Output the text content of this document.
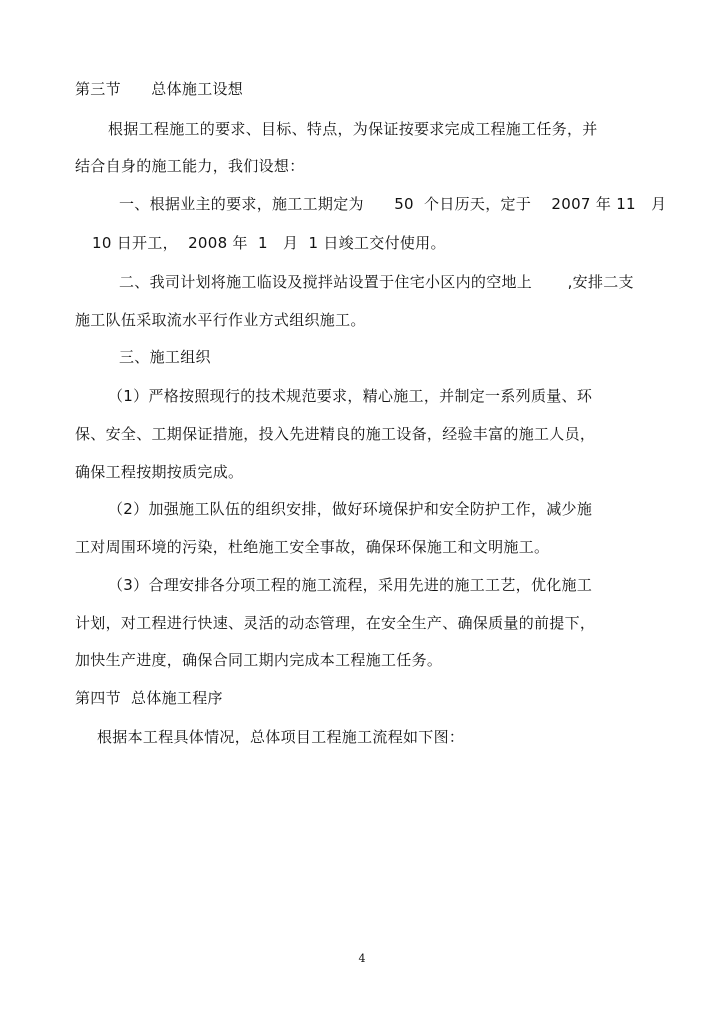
第三节      总体施工设想
根据工程施工的要求、目标、特点，为保证按要求完成工程施工任务，并
结合自身的施工能力，我们设想：
一、根据业主的要求，施工工期定为      50  个日历天，定于    2007 年 11   月
10 日开工，  2008 年  1   月  1 日竣工交付使用。
二、我司计划将施工临设及搅拌站设置于住宅小区内的空地上       ,安排二支
施工队伍采取流水平行作业方式组织施工。
三、施工组织
（1）严格按照现行的技术规范要求，精心施工，并制定一系列质量、环
保、安全、工期保证措施，投入先进精良的施工设备，经验丰富的施工人员，
确保工程按期按质完成。
（2）加强施工队伍的组织安排，做好环境保护和安全防护工作，减少施
工对周围环境的污染，杜绝施工安全事故，确保环保施工和文明施工。
（3）合理安排各分项工程的施工流程，采用先进的施工工艺，优化施工
计划，对工程进行快速、灵活的动态管理，在安全生产、确保质量的前提下，
加快生产进度，确保合同工期内完成本工程施工任务。
第四节  总体施工程序
根据本工程具体情况，总体项目工程施工流程如下图：
4
